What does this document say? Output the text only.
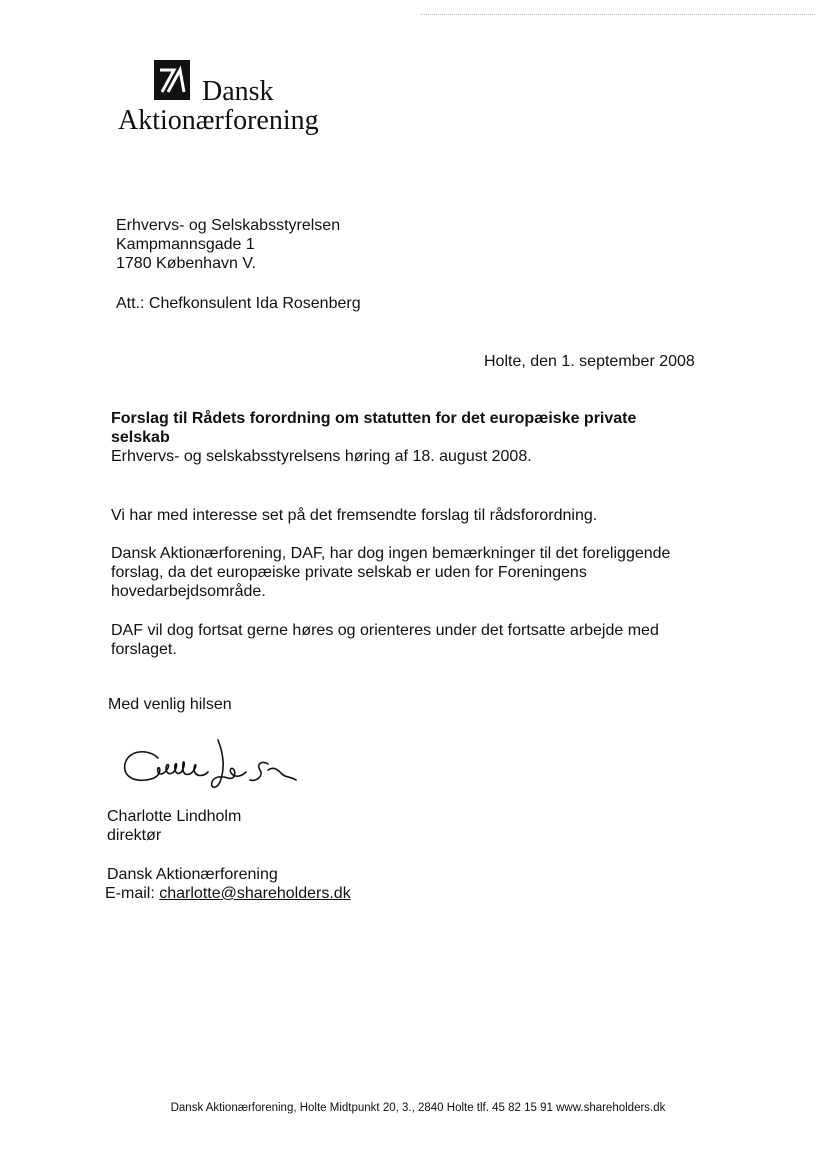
Dansk
Aktionærforening
Erhvervs- og Selskabsstyrelsen
Kampmannsgade 1
1780 København V.
Att.: Chefkonsulent Ida Rosenberg
Holte, den 1. september 2008
Forslag til Rådets forordning om statutten for det europæiske private
selskab
Erhvervs- og selskabsstyrelsens høring af 18. august 2008.
Vi har med interesse set på det fremsendte forslag til rådsforordning.
Dansk Aktionærforening, DAF, har dog ingen bemærkninger til det foreliggende
forslag, da det europæiske private selskab er uden for Foreningens
hovedarbejdsområde.
DAF vil dog fortsat gerne høres og orienteres under det fortsatte arbejde med
forslaget.
Med venlig hilsen
Charlotte Lindholm
direktør
Dansk Aktionærforening
E-mail: charlotte@shareholders.dk
Dansk Aktionærforening, Holte Midtpunkt 20, 3., 2840 Holte tlf. 45 82 15 91 www.shareholders.dk
